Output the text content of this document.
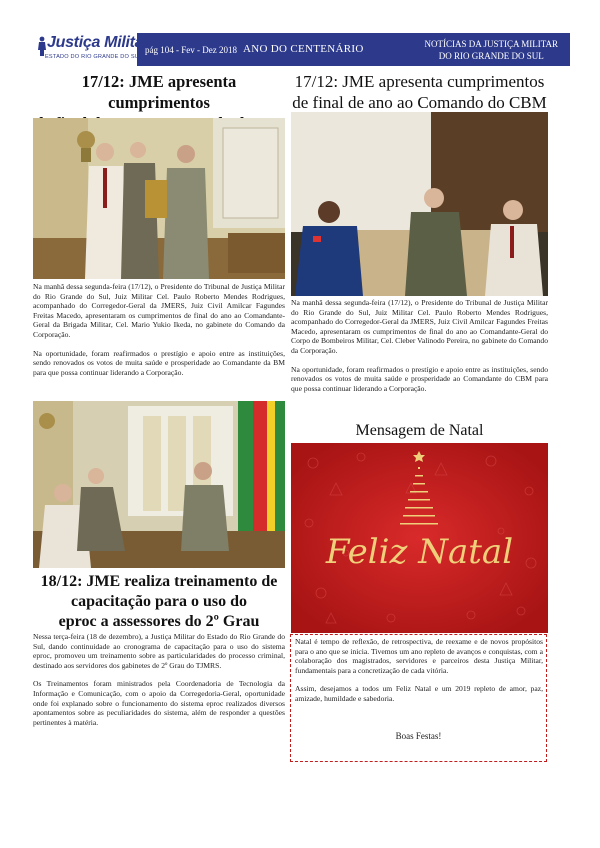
Justiça Militar
ESTADO DO RIO GRANDE DO SUL
pág 104 - Fev - Dez 2018 ANO DO CENTENÁRIO	NOTÍCIAS DA JUSTIÇA MILITAR
DO RIO GRANDE DO SUL
17/12: JME apresenta cumprimentos

Na manhã dessa segunda-feira (17/12), o Presidente do Tribunal de Justiça Militar do Rio Grande do Sul, Juiz Militar Cel. Paulo Roberto Mendes Rodrigues, acompanhado do Corregedor-Geral da JMERS, Juiz Civil Amilcar Fagundes Freitas Macedo, apresentaram os cumprimentos de final do ano ao Comandante-Geral da Brigada Militar, Cel. Mario Yukio Ikeda, no gabinete do Comando da Corporação.

Na oportunidade, foram reafirmados o prestígio e apoio entre as instituições, sendo renovados os votos de muita saúde e prosperidade ao Comandante da BM para que possa continuar liderando a Corporação.

18/12: JME realiza treinamento de
capacitação para o uso do
eproc a assessores do 2º Grau

Nessa terça-feira (18 de dezembro), a Justiça Militar do Estado do Rio Grande do Sul, dando continuidade ao cronograma de capacitação para o uso do sistema eproc, promoveu um treinamento sobre as particularidades do processo criminal, destinado aos servidores dos gabinetes de 2º Grau do TJMRS.

Os Treinamentos foram ministrados pela Coordenadoria de Tecnologia da Informação e Comunicação, com o apoio da Corregedoria-Geral, oportunidade onde foi explanado sobre o funcionamento do sistema eproc realizados diversos apontamentos sobre as peculiaridades do sistema, além de responder a questões pertinentes à matéria.

17/12: JME apresenta cumprimentos
de final de ano ao Comando do CBM

Na manhã dessa segunda-feira (17/12), o Presidente do Tribunal de Justiça Militar do Rio Grande do Sul, Juiz Militar Cel. Paulo Roberto Mendes Rodrigues, acompanhado do Corregedor-Geral da JMERS, Juiz Civil Amilcar Fagundes Freitas Macedo, apresentaram os cumprimentos de final do ano ao Comandante-Geral do Corpo de Bombeiros Militar, Cel. Cleber Valinodo Pereira, no gabinete do Comando da Corporação.

Na oportunidade, foram reafirmados o prestígio e apoio entre as instituições, sendo renovados os votos de muita saúde e prosperidade ao Comandante do CBM para que possa continuar liderando a Corporação.

Mensagem de Natal
Feliz Natal

Natal é tempo de reflexão, de retrospectiva, de reexame e de novos propósitos para o ano que se inicia. Tivemos um ano repleto de avanços e conquistas, com a colaboração dos magistrados, servidores e parceiros desta Justiça Militar, fundamentais para a concretização de cada vitória.

Assim, desejamos a todos um Feliz Natal e um 2019 repleto de amor, paz, amizade, humildade e sabedoria.

Boas Festas!
